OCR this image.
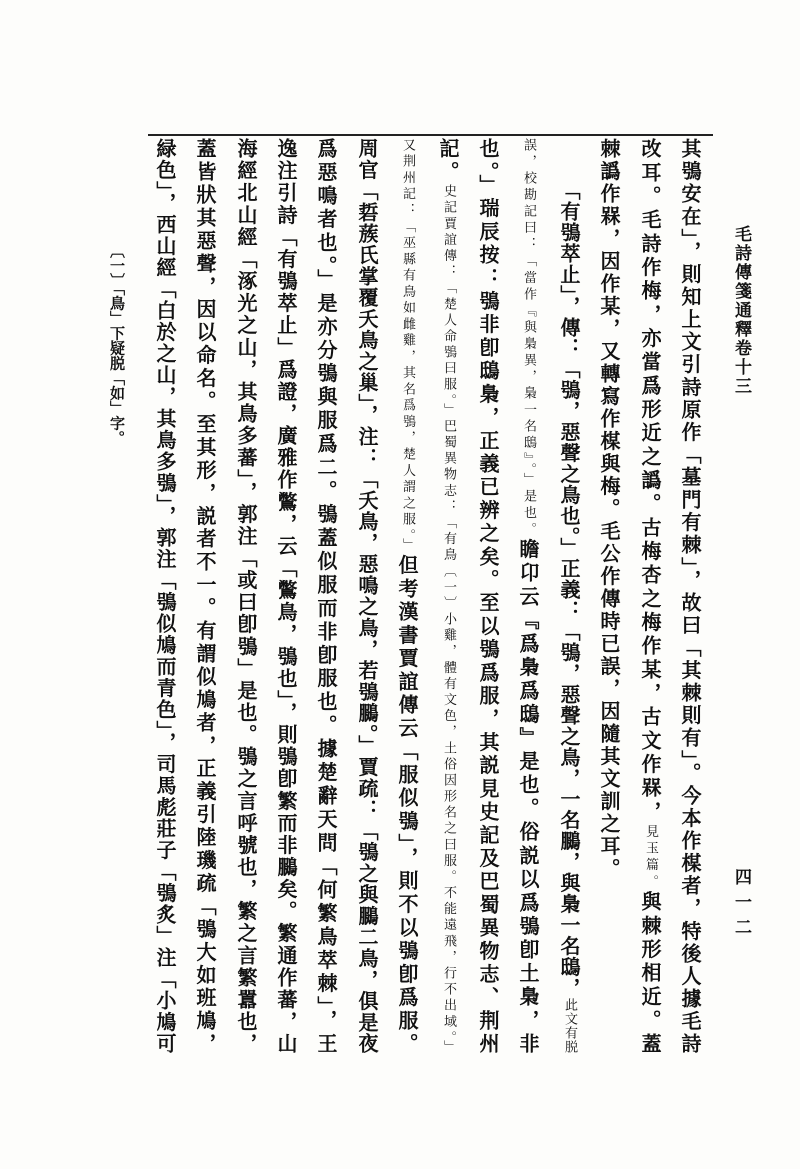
毛詩傳箋通釋卷十三
四一二
其鴞安在」，則知上文引詩原作「墓門有棘」，故曰「其棘則有」。今本作楳者，特後人據毛詩
改耳。毛詩作梅，亦當爲形近之譌。古梅杏之梅作某，古文作槑，見玉篇。與棘形相近。蓋
棘譌作槑，因作某，又轉寫作楳與梅。毛公作傳時已誤，因隨其文訓之耳。
「有鴞萃止」，傳：「鴞，惡聲之鳥也。」正義：「鴞，惡聲之鳥，一名鵩，與梟一名鴟，此文有脱
誤，校勘記曰：「當作『與梟異，梟一名鴟』。」是也。瞻卬云『爲梟爲鴟』是也。俗説以爲鴞卽土梟，非
也。」瑞辰按：鴞非卽鴟梟，正義已辨之矣。至以鴞爲服，其説見史記及巴蜀異物志、荆州
記。史記賈誼傳：「楚人命鴞曰服。」巴蜀異物志：「有鳥〔一〕小雞，體有文色，土俗因形名之曰服。不能遠飛，行不出域。」
又荆州記：「巫縣有鳥如雌雞，其名爲鴞，楚人謂之服。」但考漢書賈誼傳云「服似鴞」，則不以鴞卽爲服。
周官「硩蔟氏掌覆夭鳥之巢」，注：「夭鳥，惡鳴之鳥，若鴞鵩。」賈疏：「鴞之與鵩二鳥，俱是夜
爲惡鳴者也。」是亦分鴞與服爲二。鴞蓋似服而非卽服也。據楚辭天問「何繁鳥萃棘」，王
逸注引詩「有鴞萃止」爲證，廣雅作鷩，云「鷩鳥，鴞也」，則鴞卽繁而非鵩矣。繁通作蕃，山
海經北山經「涿光之山，其鳥多蕃」，郭注「或曰卽鴞」是也。鴞之言呼號也，繁之言繁囂也，
蓋皆狀其惡聲，因以命名。至其形，説者不一。有謂似鳩者，正義引陸璣疏「鴞大如班鳩，
緑色」，西山經「白於之山，其鳥多鴞」，郭注「鴞似鳩而青色」，司馬彪莊子「鴞炙」注「小鳩可
〔一〕「鳥」下疑脱「如」字。
